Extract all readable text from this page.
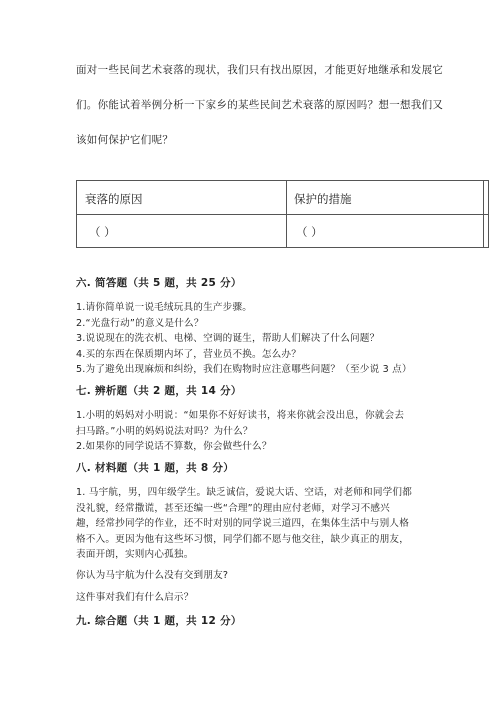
面对一些民间艺术衰落的现状，我们只有找出原因，才能更好地继承和发展它
们。你能试着举例分析一下家乡的某些民间艺术衰落的原因吗？想一想我们又
该如何保护它们呢？
衰落的原因	保护的措施
（ ）	（ ）
六. 简答题（共 5 题，共 25 分）
1.请你简单说一说毛绒玩具的生产步骤。
2.“光盘行动”的意义是什么？
3.说说现在的洗衣机、电梯、空调的诞生，帮助人们解决了什么问题？
4.买的东西在保质期内坏了，营业员不换。怎么办？
5.为了避免出现麻烦和纠纷，我们在购物时应注意哪些问题？（至少说 3 点）
七. 辨析题（共 2 题，共 14 分）
1.小明的妈妈对小明说：“如果你不好好读书，将来你就会没出息，你就会去
扫马路。”小明的妈妈说法对吗？为什么？
2.如果你的同学说话不算数，你会做些什么？
八. 材料题（共 1 题，共 8 分）
1. 马宇航，男，四年级学生。缺乏诚信，爱说大话、空话，对老师和同学们都
没礼貌，经常撒谎，甚至还编一些“合理”的理由应付老师，对学习不感兴
趣，经常抄同学的作业，还不时对别的同学说三道四，在集体生活中与别人格
格不入。更因为他有这些坏习惯，同学们都不愿与他交往，缺少真正的朋友，
表面开朗，实则内心孤独。
你认为马宇航为什么没有交到朋友?
这件事对我们有什么启示？
九. 综合题（共 1 题，共 12 分）
